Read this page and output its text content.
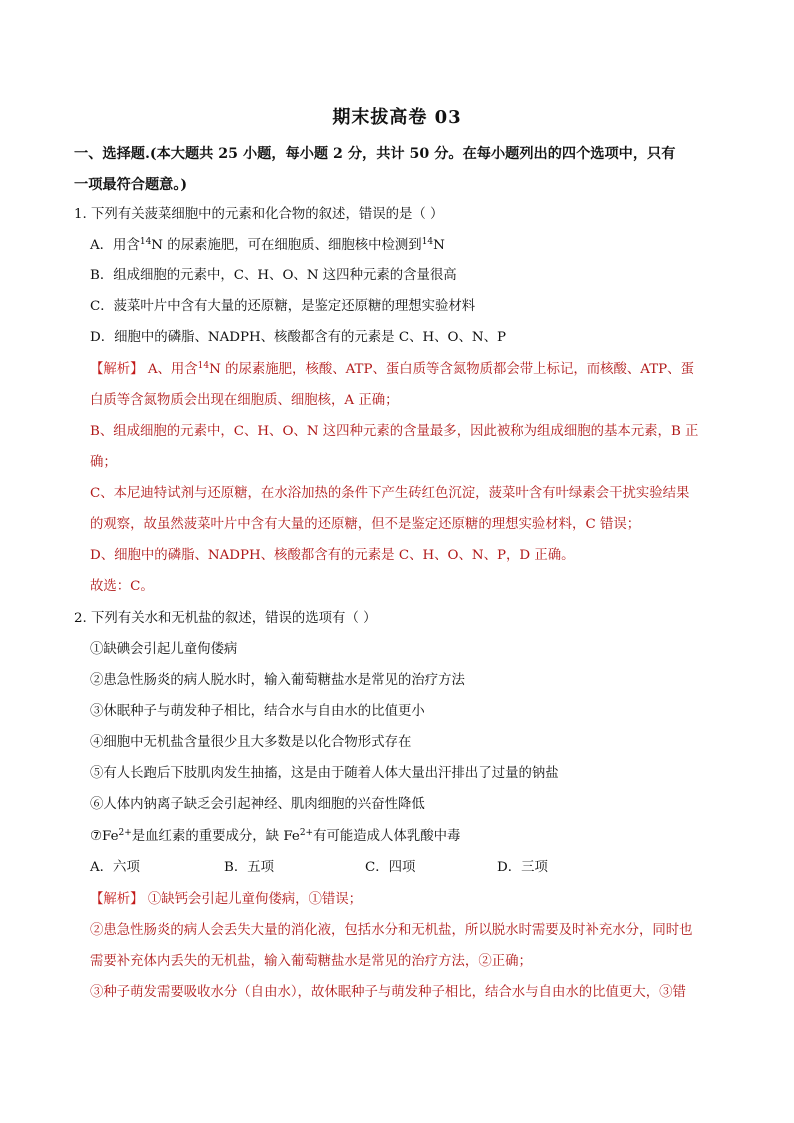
期末拔高卷 03
一、选择题.(本大题共 25 小题，每小题 2 分，共计 50 分。在每小题列出的四个选项中，只有
一项最符合题意。)
1. 下列有关菠菜细胞中的元素和化合物的叙述，错误的是（ ）
A．用含$^{14}$N 的尿素施肥，可在细胞质、细胞核中检测到$^{14}$N
B．组成细胞的元素中，C、H、O、N 这四种元素的含量很高
C．菠菜叶片中含有大量的还原糖，是鉴定还原糖的理想实验材料
D．细胞中的磷脂、NADPH、核酸都含有的元素是 C、H、O、N、P
【解析】 A、用含$^{14}$N 的尿素施肥，核酸、ATP、蛋白质等含氮物质都会带上标记，而核酸、ATP、蛋
白质等含氮物质会出现在细胞质、细胞核，A 正确；
B、组成细胞的元素中，C、H、O、N 这四种元素的含量最多，因此被称为组成细胞的基本元素，B 正
确；
C、本尼迪特试剂与还原糖，在水浴加热的条件下产生砖红色沉淀，菠菜叶含有叶绿素会干扰实验结果
的观察，故虽然菠菜叶片中含有大量的还原糖，但不是鉴定还原糖的理想实验材料，C 错误；
D、细胞中的磷脂、NADPH、核酸都含有的元素是 C、H、O、N、P，D 正确。
故选：C。
2. 下列有关水和无机盐的叙述，错误的选项有（ ）
①缺碘会引起儿童佝偻病
②患急性肠炎的病人脱水时，输入葡萄糖盐水是常见的治疗方法
③休眠种子与萌发种子相比，结合水与自由水的比值更小
④细胞中无机盐含量很少且大多数是以化合物形式存在
⑤有人长跑后下肢肌肉发生抽搐，这是由于随着人体大量出汗排出了过量的钠盐
⑥人体内钠离子缺乏会引起神经、肌肉细胞的兴奋性降低
$⑦Fe^{2+}$是血红素的重要成分，缺 $Fe^{2+}$有可能造成人体乳酸中毒
A．六项	B．五项	C．四项	D．三项
【解析】 ①缺钙会引起儿童佝偻病，①错误；
②患急性肠炎的病人会丢失大量的消化液，包括水分和无机盐，所以脱水时需要及时补充水分，同时也
需要补充体内丢失的无机盐，输入葡萄糖盐水是常见的治疗方法，②正确；
③种子萌发需要吸收水分（自由水），故休眠种子与萌发种子相比，结合水与自由水的比值更大，③错
